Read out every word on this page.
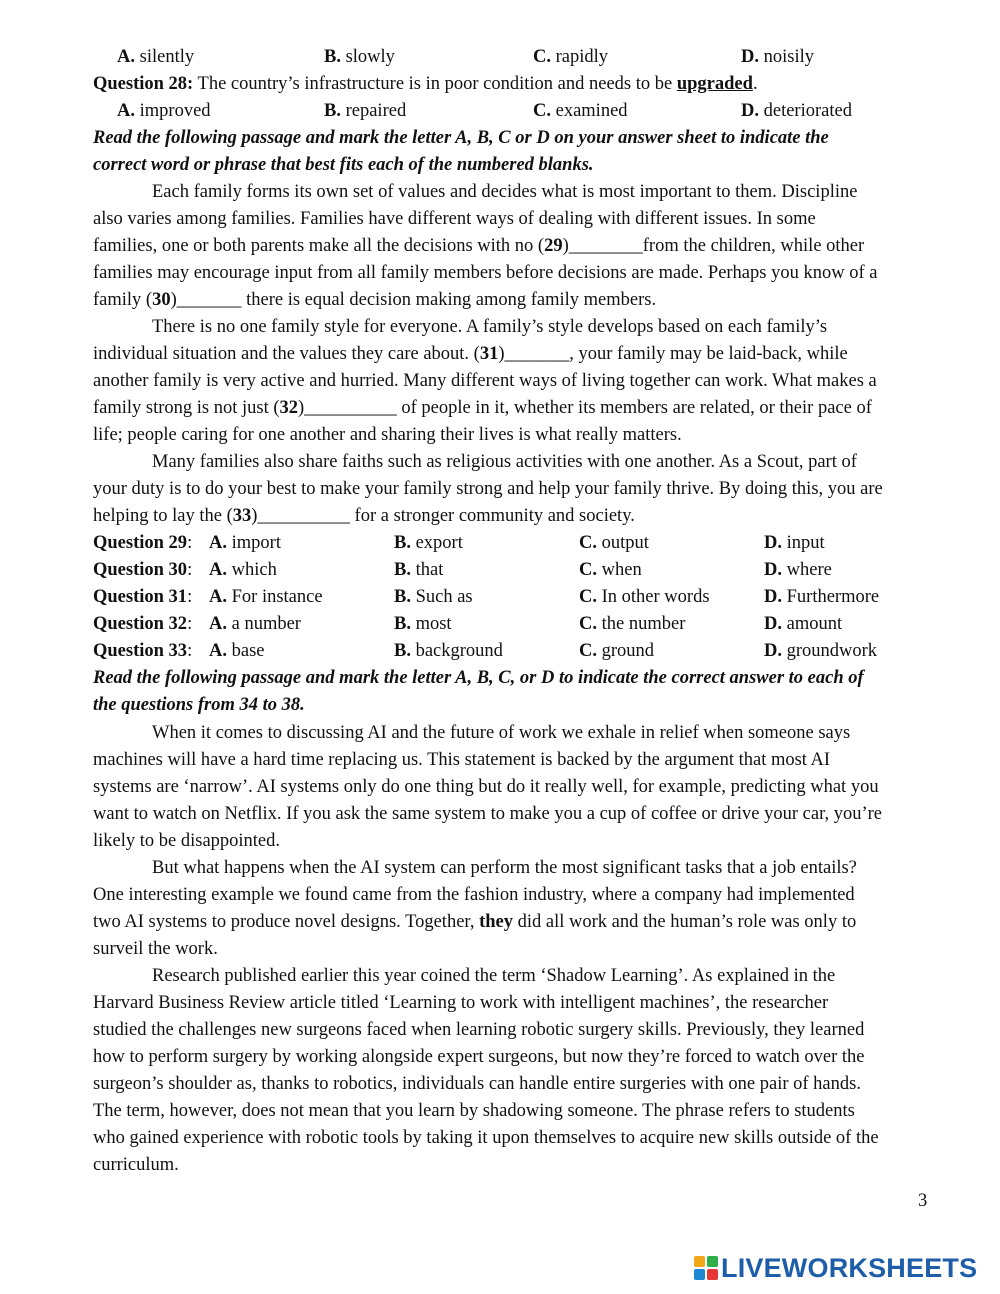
A. silently	B. slowly	C. rapidly	D. noisily
Question 28: The country’s infrastructure is in poor condition and needs to be upgraded.
A. improved	B. repaired	C. examined	D. deteriorated
Read the following passage and mark the letter A, B, C or D on your answer sheet to indicate the
correct word or phrase that best fits each of the numbered blanks.
Each family forms its own set of values and decides what is most important to them. Discipline
also varies among families. Families have different ways of dealing with different issues. In some
families, one or both parents make all the decisions with no (29)________from the children, while other
families may encourage input from all family members before decisions are made. Perhaps you know of a
family (30)_______ there is equal decision making among family members.
There is no one family style for everyone. A family’s style develops based on each family’s
individual situation and the values they care about. (31)_______, your family may be laid-back, while
another family is very active and hurried. Many different ways of living together can work. What makes a
family strong is not just (32)__________ of people in it, whether its members are related, or their pace of
life; people caring for one another and sharing their lives is what really matters.
Many families also share faiths such as religious activities with one another. As a Scout, part of
your duty is to do your best to make your family strong and help your family thrive. By doing this, you are
helping to lay the (33)__________ for a stronger community and society.
Question 29: A. import	B. export	C. output	D. input
Question 30: A. which	B. that	C. when	D. where
Question 31: A. For instance	B. Such as	C. In other words	D. Furthermore
Question 32: A. a number	B. most	C. the number	D. amount
Question 33: A. base	B. background	C. ground	D. groundwork
Read the following passage and mark the letter A, B, C, or D to indicate the correct answer to each of
the questions from 34 to 38.
When it comes to discussing AI and the future of work we exhale in relief when someone says
machines will have a hard time replacing us. This statement is backed by the argument that most AI
systems are ‘narrow’. AI systems only do one thing but do it really well, for example, predicting what you
want to watch on Netflix. If you ask the same system to make you a cup of coffee or drive your car, you’re
likely to be disappointed.
But what happens when the AI system can perform the most significant tasks that a job entails?
One interesting example we found came from the fashion industry, where a company had implemented
two AI systems to produce novel designs. Together, they did all work and the human’s role was only to
surveil the work.
Research published earlier this year coined the term ‘Shadow Learning’. As explained in the
Harvard Business Review article titled ‘Learning to work with intelligent machines’, the researcher
studied the challenges new surgeons faced when learning robotic surgery skills. Previously, they learned
how to perform surgery by working alongside expert surgeons, but now they’re forced to watch over the
surgeon’s shoulder as, thanks to robotics, individuals can handle entire surgeries with one pair of hands.
The term, however, does not mean that you learn by shadowing someone. The phrase refers to students
who gained experience with robotic tools by taking it upon themselves to acquire new skills outside of the
curriculum.
3
LIVEWORKSHEETS
